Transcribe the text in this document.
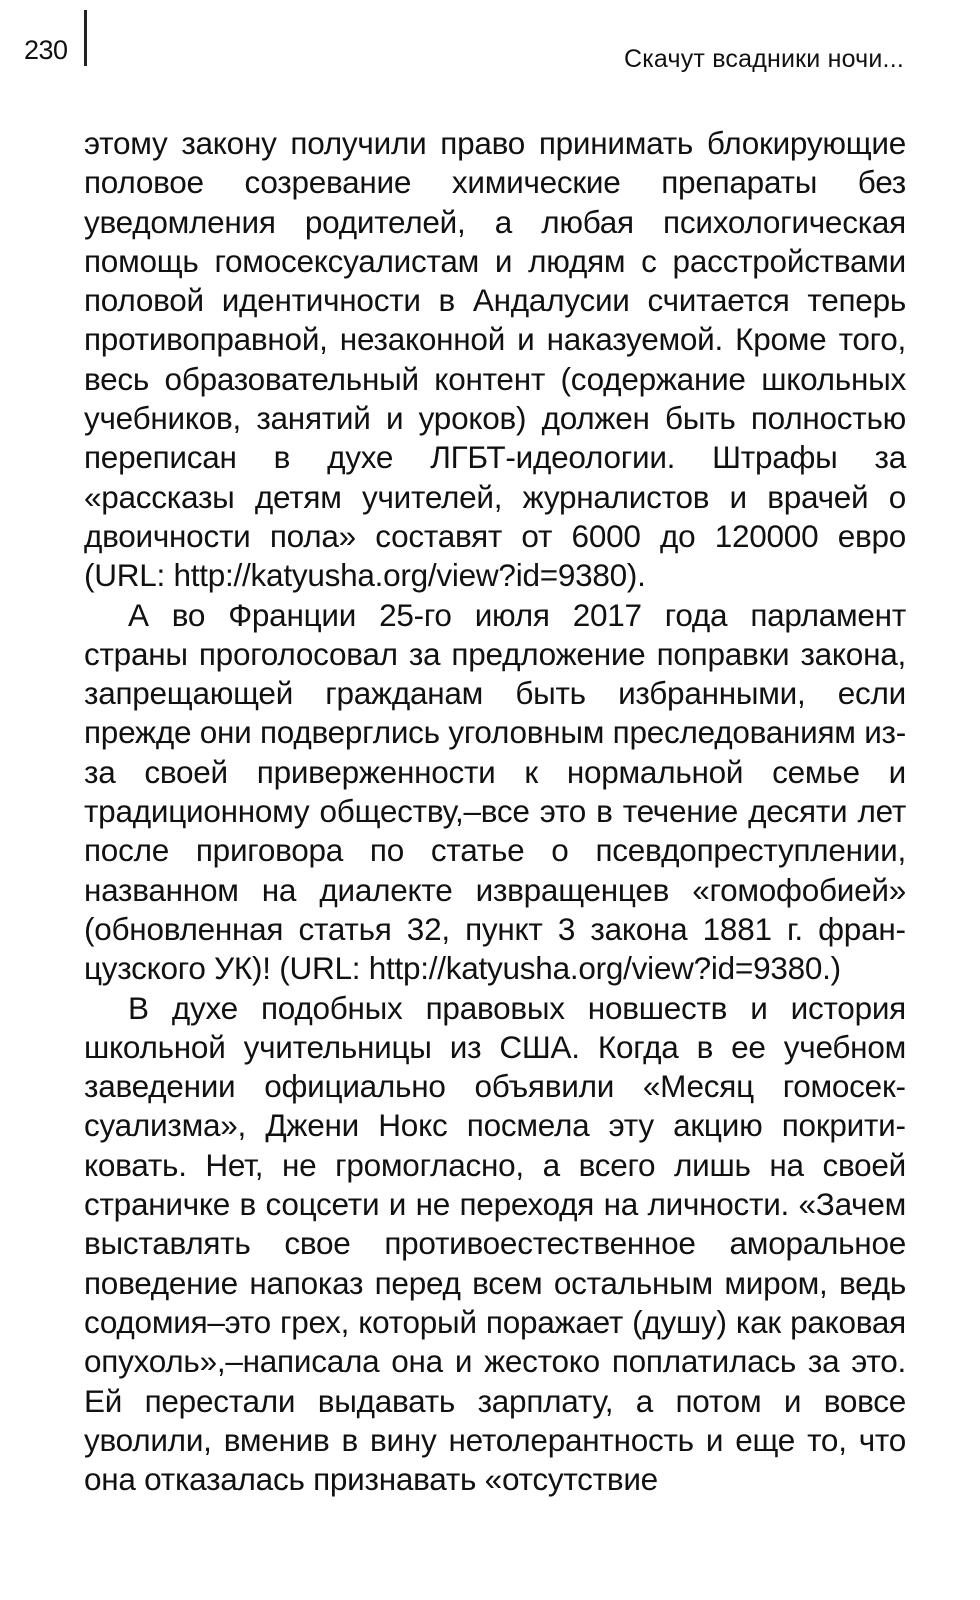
230	Скачут всадники ночи...

этому закону получили право принимать блокирующие половое созревание химические препараты без уведомления родителей, а любая психологическая помощь гомосексуалистам и людям с расстройствами половой идентичности в Андалусии считается теперь противоправной, незаконной и наказуемой. Кроме того, весь образовательный контент (содержание школьных учебников, занятий и уроков) должен быть полностью переписан в духе ЛГБТ-идеологии. Штрафы за «рассказы детям учителей, журналистов и врачей о двоичности пола» составят от 6000 до 120000 евро (URL: http://katyusha.org/view?id=9380).

А во Франции 25-го июля 2017 года парламент страны проголосовал за предложение поправки закона, запрещающей гражданам быть избранными, если прежде они подверглись уголовным преследованиям из-за своей приверженности к нормальной семье и традиционному обществу,–все это в течение десяти лет после приговора по статье о псевдопреступлении, названном на диалекте извращенцев «гомофобией» (обновленная статья 32, пункт 3 закона 1881 г. французского УК)! (URL: http://katyusha.org/view?id=9380.)

В духе подобных правовых новшеств и история школьной учительницы из США. Когда в ее учебном заведении официально объявили «Месяц гомосексуализма», Джени Нокс посмела эту акцию покритиковать. Нет, не громогласно, а всего лишь на своей страничке в соцсети и не переходя на личности. «Зачем выставлять свое противоестественное аморальное поведение напоказ перед всем остальным миром, ведь содомия–это грех, который поражает (душу) как раковая опухоль»,–написала она и жестоко поплатилась за это. Ей перестали выдавать зарплату, а потом и вовсе уволили, вменив в вину нетолерантность и еще то, что она отказалась признавать «отсутствие
